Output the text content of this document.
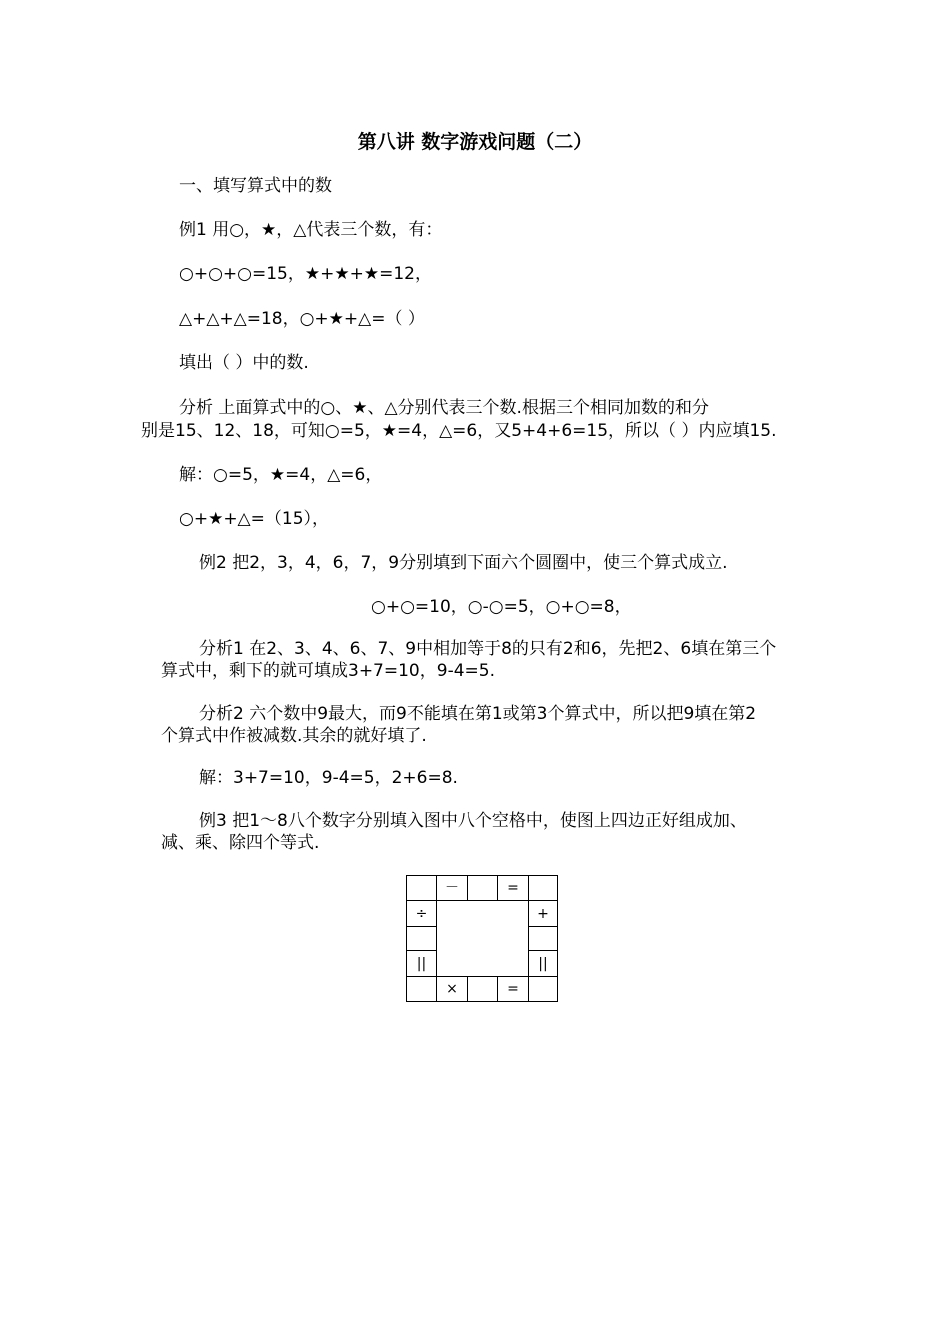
第八讲 数字游戏问题（二）
一、填写算式中的数
例1 用○，★，△代表三个数，有：
○+○+○=15，★+★+★=12，
△+△+△=18，○+★+△=（ ）
填出（ ）中的数.
分析 上面算式中的○、★、△分别代表三个数.根据三个相同加数的和分
别是15、12、18，可知○=5，★=4，△=6，又5+4+6=15，所以（ ）内应填15.
解：○=5，★=4，△=6，
○+★+△=（15），
例2 把2，3，4，6，7，9分别填到下面六个圆圈中，使三个算式成立.
○+○=10，○-○=5，○+○=8，
分析1 在2、3、4、6、7、9中相加等于8的只有2和6，先把2、6填在第三个
算式中，剩下的就可填成3+7=10，9-4=5.
分析2 六个数中9最大，而9不能填在第1或第3个算式中，所以把9填在第2
个算式中作被减数.其余的就好填了.
解：3+7=10，9-4=5，2+6=8.
例3 把1～8八个数字分别填入图中八个空格中，使图上四边正好组成加、
减、乘、除四个等式.
－	=
÷
||
+
||
×	=
